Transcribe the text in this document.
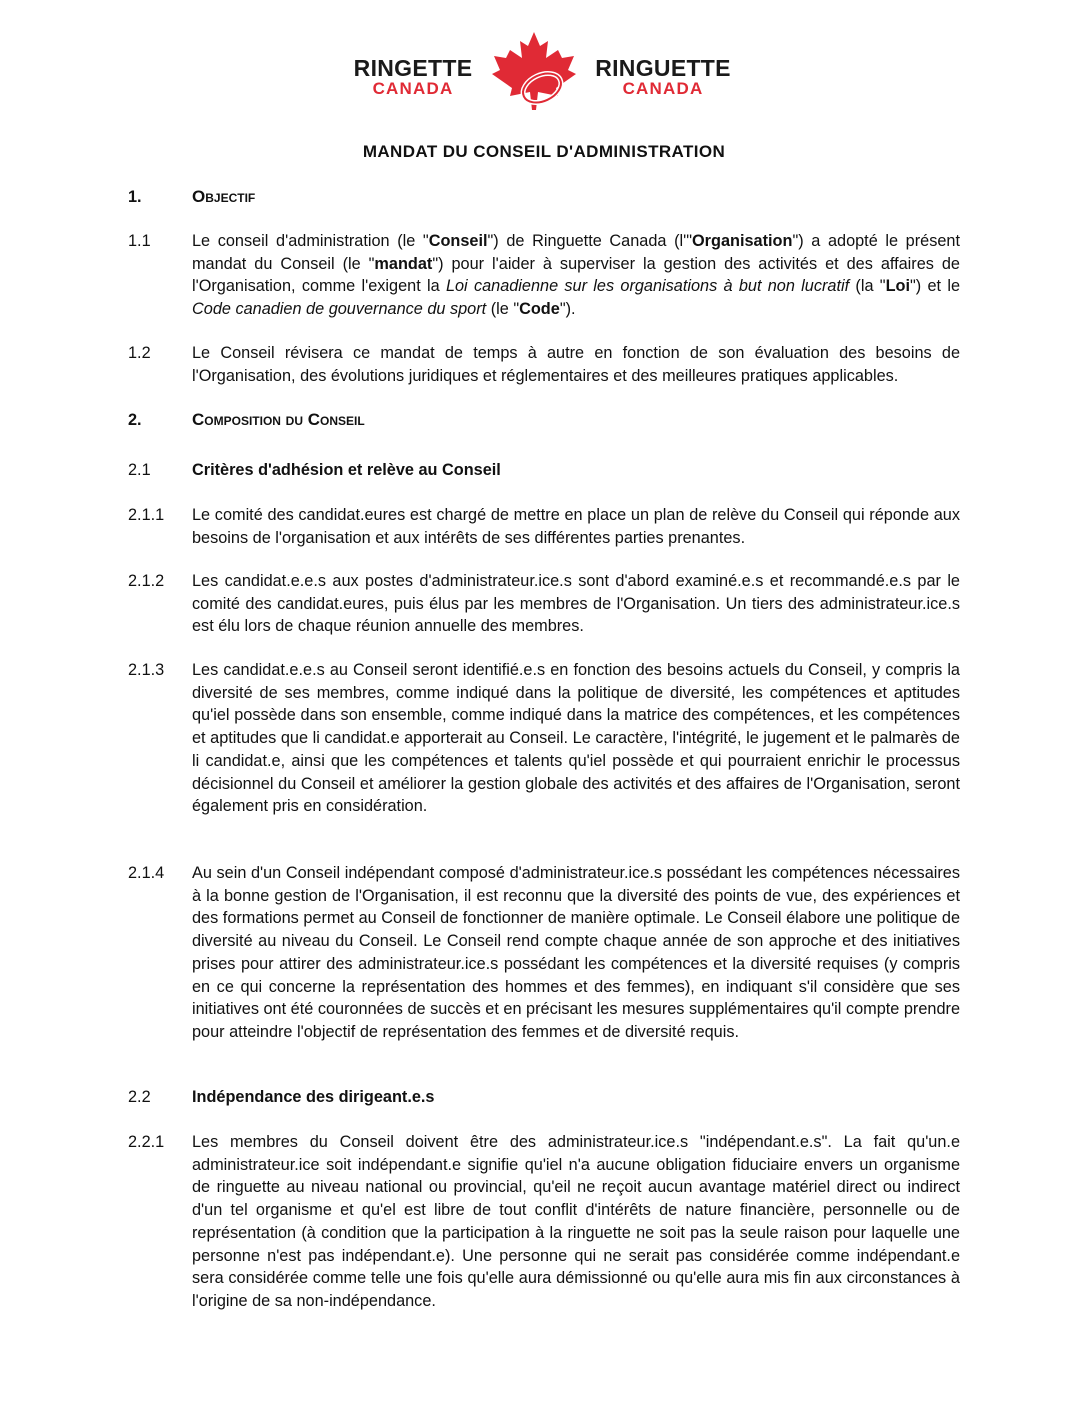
RINGETTE
CANADA
RINGUETTE
CANADA
MANDAT DU CONSEIL D'ADMINISTRATION
1.	Objectif
1.1	Le conseil d'administration (le "Conseil") de Ringuette Canada (l'"Organisation") a adopté le présent mandat du Conseil (le "mandat") pour l'aider à superviser la gestion des activités et des affaires de l'Organisation, comme l'exigent la Loi canadienne sur les organisations à but non lucratif (la "Loi") et le Code canadien de gouvernance du sport (le "Code").
1.2	Le Conseil révisera ce mandat de temps à autre en fonction de son évaluation des besoins de l'Organisation, des évolutions juridiques et réglementaires et des meilleures pratiques applicables.
2.	Composition du Conseil
2.1	Critères d'adhésion et relève au Conseil
2.1.1	Le comité des candidat.eures est chargé de mettre en place un plan de relève du Conseil qui réponde aux besoins de l'organisation et aux intérêts de ses différentes parties prenantes.
2.1.2	Les candidat.e.e.s aux postes d'administrateur.ice.s sont d'abord examiné.e.s et recommandé.e.s par le comité des candidat.eures, puis élus par les membres de l'Organisation. Un tiers des administrateur.ice.s est élu lors de chaque réunion annuelle des membres.
2.1.3	Les candidat.e.e.s au Conseil seront identifié.e.s en fonction des besoins actuels du Conseil, y compris la diversité de ses membres, comme indiqué dans la politique de diversité, les compétences et aptitudes qu'iel possède dans son ensemble, comme indiqué dans la matrice des compétences, et les compétences et aptitudes que li candidat.e apporterait au Conseil. Le caractère, l'intégrité, le jugement et le palmarès de li candidat.e, ainsi que les compétences et talents qu'iel possède et qui pourraient enrichir le processus décisionnel du Conseil et améliorer la gestion globale des activités et des affaires de l'Organisation, seront également pris en considération.
2.1.4	Au sein d'un Conseil indépendant composé d'administrateur.ice.s possédant les compétences nécessaires à la bonne gestion de l'Organisation, il est reconnu que la diversité des points de vue, des expériences et des formations permet au Conseil de fonctionner de manière optimale. Le Conseil élabore une politique de diversité au niveau du Conseil. Le Conseil rend compte chaque année de son approche et des initiatives prises pour attirer des administrateur.ice.s possédant les compétences et la diversité requises (y compris en ce qui concerne la représentation des hommes et des femmes), en indiquant s'il considère que ses initiatives ont été couronnées de succès et en précisant les mesures supplémentaires qu'il compte prendre pour atteindre l'objectif de représentation des femmes et de diversité requis.
2.2	Indépendance des dirigeant.e.s
2.2.1	Les membres du Conseil doivent être des administrateur.ice.s "indépendant.e.s". La fait qu'un.e administrateur.ice soit indépendant.e signifie qu'iel n'a aucune obligation fiduciaire envers un organisme de ringuette au niveau national ou provincial, qu'eil ne reçoit aucun avantage matériel direct ou indirect d'un tel organisme et qu'el est libre de tout conflit d'intérêts de nature financière, personnelle ou de représentation (à condition que la participation à la ringuette ne soit pas la seule raison pour laquelle une personne n'est pas indépendant.e). Une personne qui ne serait pas considérée comme indépendant.e sera considérée comme telle une fois qu'elle aura démissionné ou qu'elle aura mis fin aux circonstances à l'origine de sa non-indépendance.
